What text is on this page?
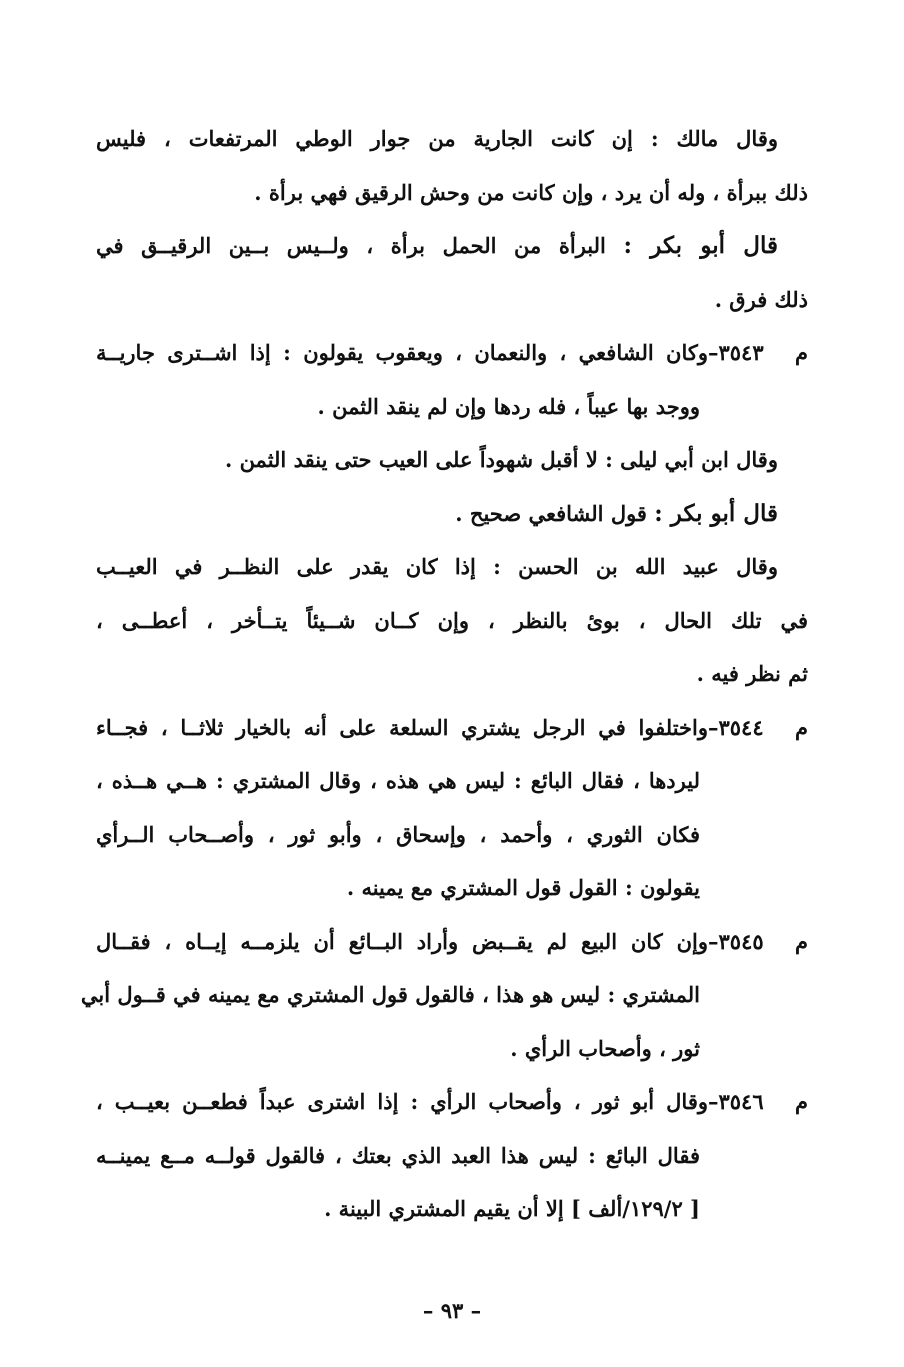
وقال مالك : إن كانت الجارية من جوار الوطي المرتفعات ، فليس
ذلك ببرأة ، وله أن يرد ، وإن كانت من وحش الرقيق فهي برأة .
قال أبو بكر : البرأة من الحمل برأة ، ولــيس بــين الرقيــق في
ذلك فرق .
م ٣٥٤٣–وكان الشافعي ، والنعمان ، ويعقوب يقولون : إذا اشــترى جاريــة
ووجد بها عيباً ، فله ردها وإن لم ينقد الثمن .
وقال ابن أبي ليلى : لا أقبل شهوداً على العيب حتى ينقد الثمن .
قال أبو بكر : قول الشافعي صحيح .
وقال عبيد الله بن الحسن : إذا كان يقدر على النظــر في العيــب
في تلك الحال ، بوئ بالنظر ، وإن كــان شــيئاً يتــأخر ، أعطــى ،
ثم نظر فيه .
م ٣٥٤٤–واختلفوا في الرجل يشتري السلعة على أنه بالخيار ثلاثــا ، فجــاء
ليردها ، فقال البائع : ليس هي هذه ، وقال المشتري : هــي هــذه ،
فكان الثوري ، وأحمد ، وإسحاق ، وأبو ثور ، وأصــحاب الــرأي
يقولون : القول قول المشتري مع يمينه .
م ٣٥٤٥–وإن كان البيع لم يقــبض وأراد البــائع أن يلزمــه إيــاه ، فقــال
المشتري : ليس هو هذا ، فالقول قول المشتري مع يمينه في قــول أبي
ثور ، وأصحاب الرأي .
م ٣٥٤٦–وقال أبو ثور ، وأصحاب الرأي : إذا اشترى عبداً فطعــن بعيــب ،
فقال البائع : ليس هذا العبد الذي بعتك ، فالقول قولــه مــع يمينــه
[ ١٢٩/٢/ألف ] إلا أن يقيم المشتري البينة .
– ٩٣ –
